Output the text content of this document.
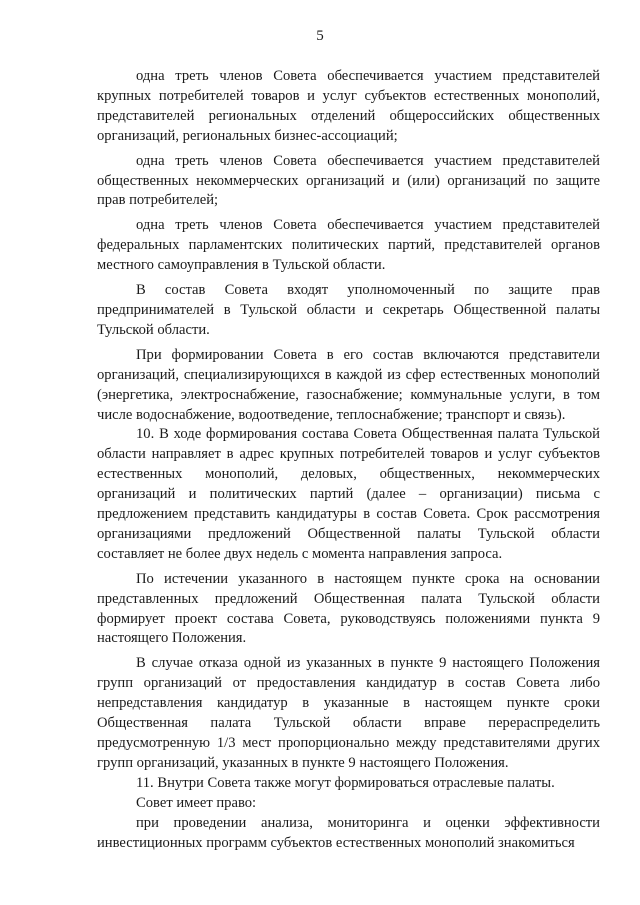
5

одна треть членов Совета обеспечивается участием представителей крупных потребителей товаров и услуг субъектов естественных монополий, представителей региональных отделений общероссийских общественных организаций, региональных бизнес-ассоциаций;

одна треть членов Совета обеспечивается участием представителей общественных некоммерческих организаций и (или) организаций по защите прав потребителей;

одна треть членов Совета обеспечивается участием представителей федеральных парламентских политических партий, представителей органов местного самоуправления в Тульской области.

В состав Совета входят уполномоченный по защите прав предпринимателей в Тульской области и секретарь Общественной палаты Тульской области.

При формировании Совета в его состав включаются представители организаций, специализирующихся в каждой из сфер естественных монополий (энергетика, электроснабжение, газоснабжение; коммунальные услуги, в том числе водоснабжение, водоотведение, теплоснабжение; транспорт и связь).

10. В ходе формирования состава Совета Общественная палата Тульской области направляет в адрес крупных потребителей товаров и услуг субъектов естественных монополий, деловых, общественных, некоммерческих организаций и политических партий (далее – организации) письма с предложением представить кандидатуры в состав Совета. Срок рассмотрения организациями предложений Общественной палаты Тульской области составляет не более двух недель с момента направления запроса.

По истечении указанного в настоящем пункте срока на основании представленных предложений Общественная палата Тульской области формирует проект состава Совета, руководствуясь положениями пункта 9 настоящего Положения.

В случае отказа одной из указанных в пункте 9 настоящего Положения групп организаций от предоставления кандидатур в состав Совета либо непредставления кандидатур в указанные в настоящем пункте сроки Общественная палата Тульской области вправе перераспределить предусмотренную 1/3 мест пропорционально между представителями других групп организаций, указанных в пункте 9 настоящего Положения.

11. Внутри Совета также могут формироваться отраслевые палаты.

Совет имеет право:

при проведении анализа, мониторинга и оценки эффективности инвестиционных программ субъектов естественных монополий знакомиться
